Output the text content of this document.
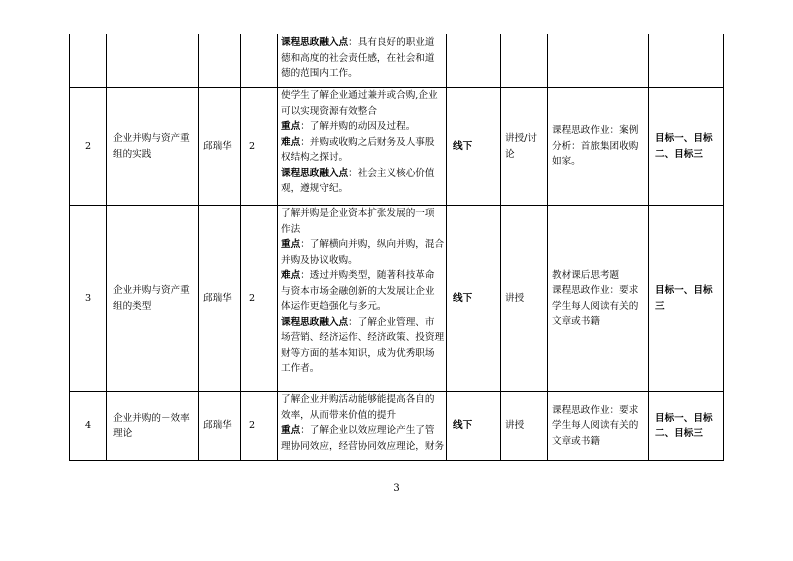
课程思政融入点：具有良好的职业道
德和高度的社会责任感，在社会和道
德的范围内工作。
2
企业并购与资产重
组的实践
邱瑞华 2
使学生了解企业通过兼并或合购,企业
可以实现资源有效整合
重点：了解并购的动因及过程。
难点：并购或收购之后财务及人事股
权结构之探讨。
课程思政融入点：社会主义核心价值
观，遵规守纪。
线下
讲授/讨
论
课程思政作业：案例
分析：首旅集团收购
如家。
目标一、目标
二、目标三
3
企业并购与资产重
组的类型
邱瑞华 2
了解并购是企业资本扩张发展的一项
作法
重点：了解横向并购，纵向并购，混合
并购及协议收购。
难点：透过并购类型，随著科技革命
与资本市场金融创新的大发展让企业
体运作更趋强化与多元。
课程思政融入点：了解企业管理、市
场营销、经济运作、经济政策、投资理
财等方面的基本知识，成为优秀职场
工作者。
线下	讲授
教材课后思考题
课程思政作业：要求
学生每人阅读有关的
文章或书籍
目标一、目标
三
4
企业并购的－效率
理论
邱瑞华 2
了解企业并购活动能够能提高各自的
效率，从而带来价值的提升
重点：了解企业以效应理论产生了管
理协同效应，经营协同效应理论，财务
线下	讲授
课程思政作业：要求
学生每人阅读有关的
文章或书籍
目标一、目标
二、目标三
3
